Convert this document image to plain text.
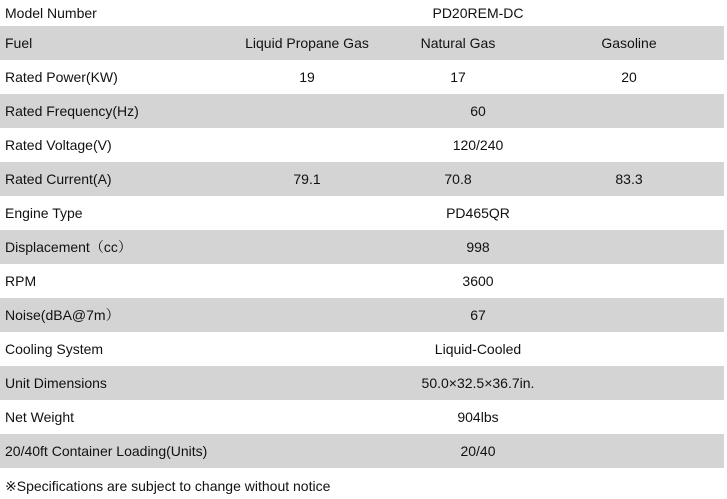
Model Number	PD20REM-DC
Fuel	Liquid Propane Gas	Natural Gas	Gasoline
Rated Power(KW)	19	17	20
Rated Frequency(Hz)	60
Rated Voltage(V)	120/240
Rated Current(A)	79.1	70.8	83.3
Engine Type	PD465QR
Displacement（cc）	998
RPM	3600
Noise(dBA@7m）	67
Cooling System	Liquid-Cooled
Unit Dimensions	50.0×32.5×36.7in.
Net Weight	904lbs
20/40ft Container Loading(Units)	20/40
※Specifications are subject to change without notice
